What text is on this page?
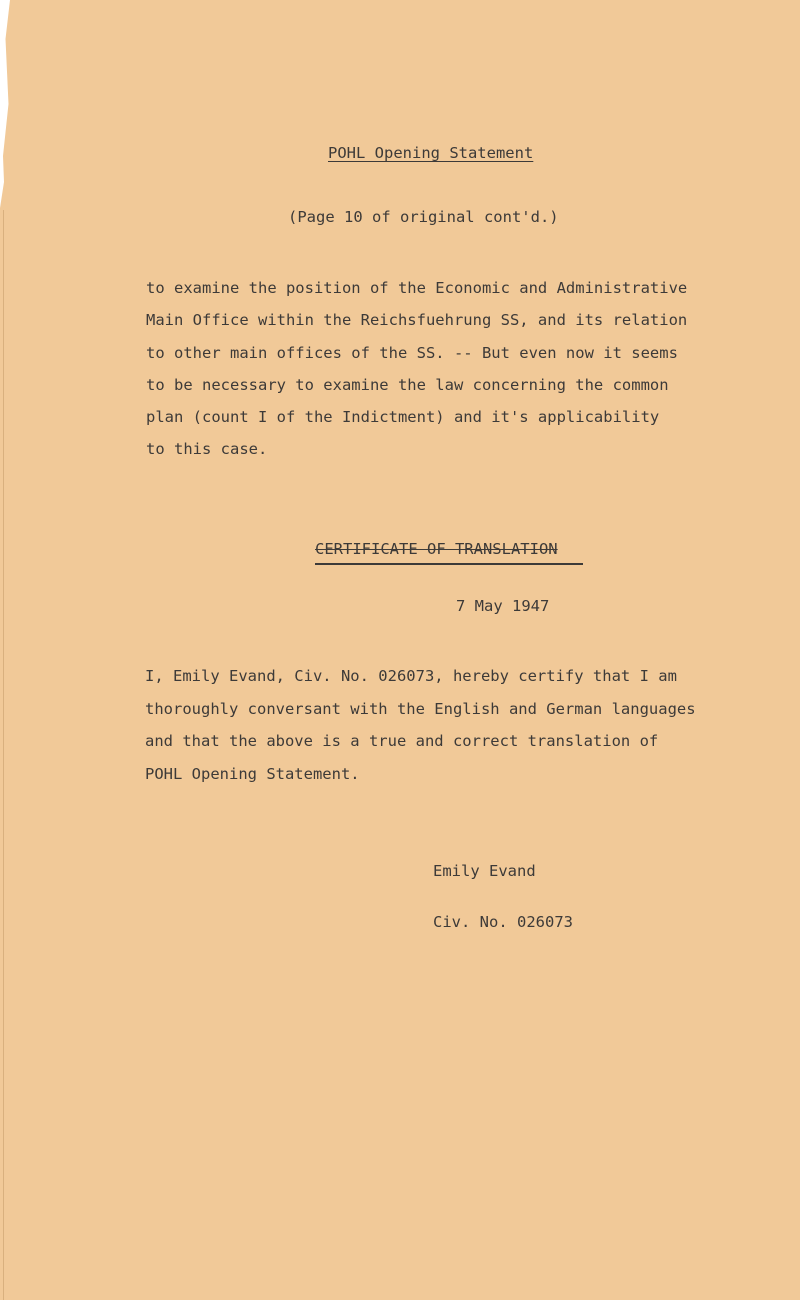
POHL Opening Statement
(Page 10 of original cont'd.)
to examine the position of the Economic and Administrative
Main Office within the Reichsfuehrung SS, and its relation
to other main offices of the SS. -- But even now it seems
to be necessary to examine the law concerning the common
plan (count I of the Indictment) and it's applicability
to this case.
CERTIFICATE OF TRANSLATION
7 May 1947
I, Emily Evand, Civ. No. 026073, hereby certify that I am
thoroughly conversant with the English and German languages
and that the above is a true and correct translation of
POHL Opening Statement.

Emily Evand

Civ. No. 026073
